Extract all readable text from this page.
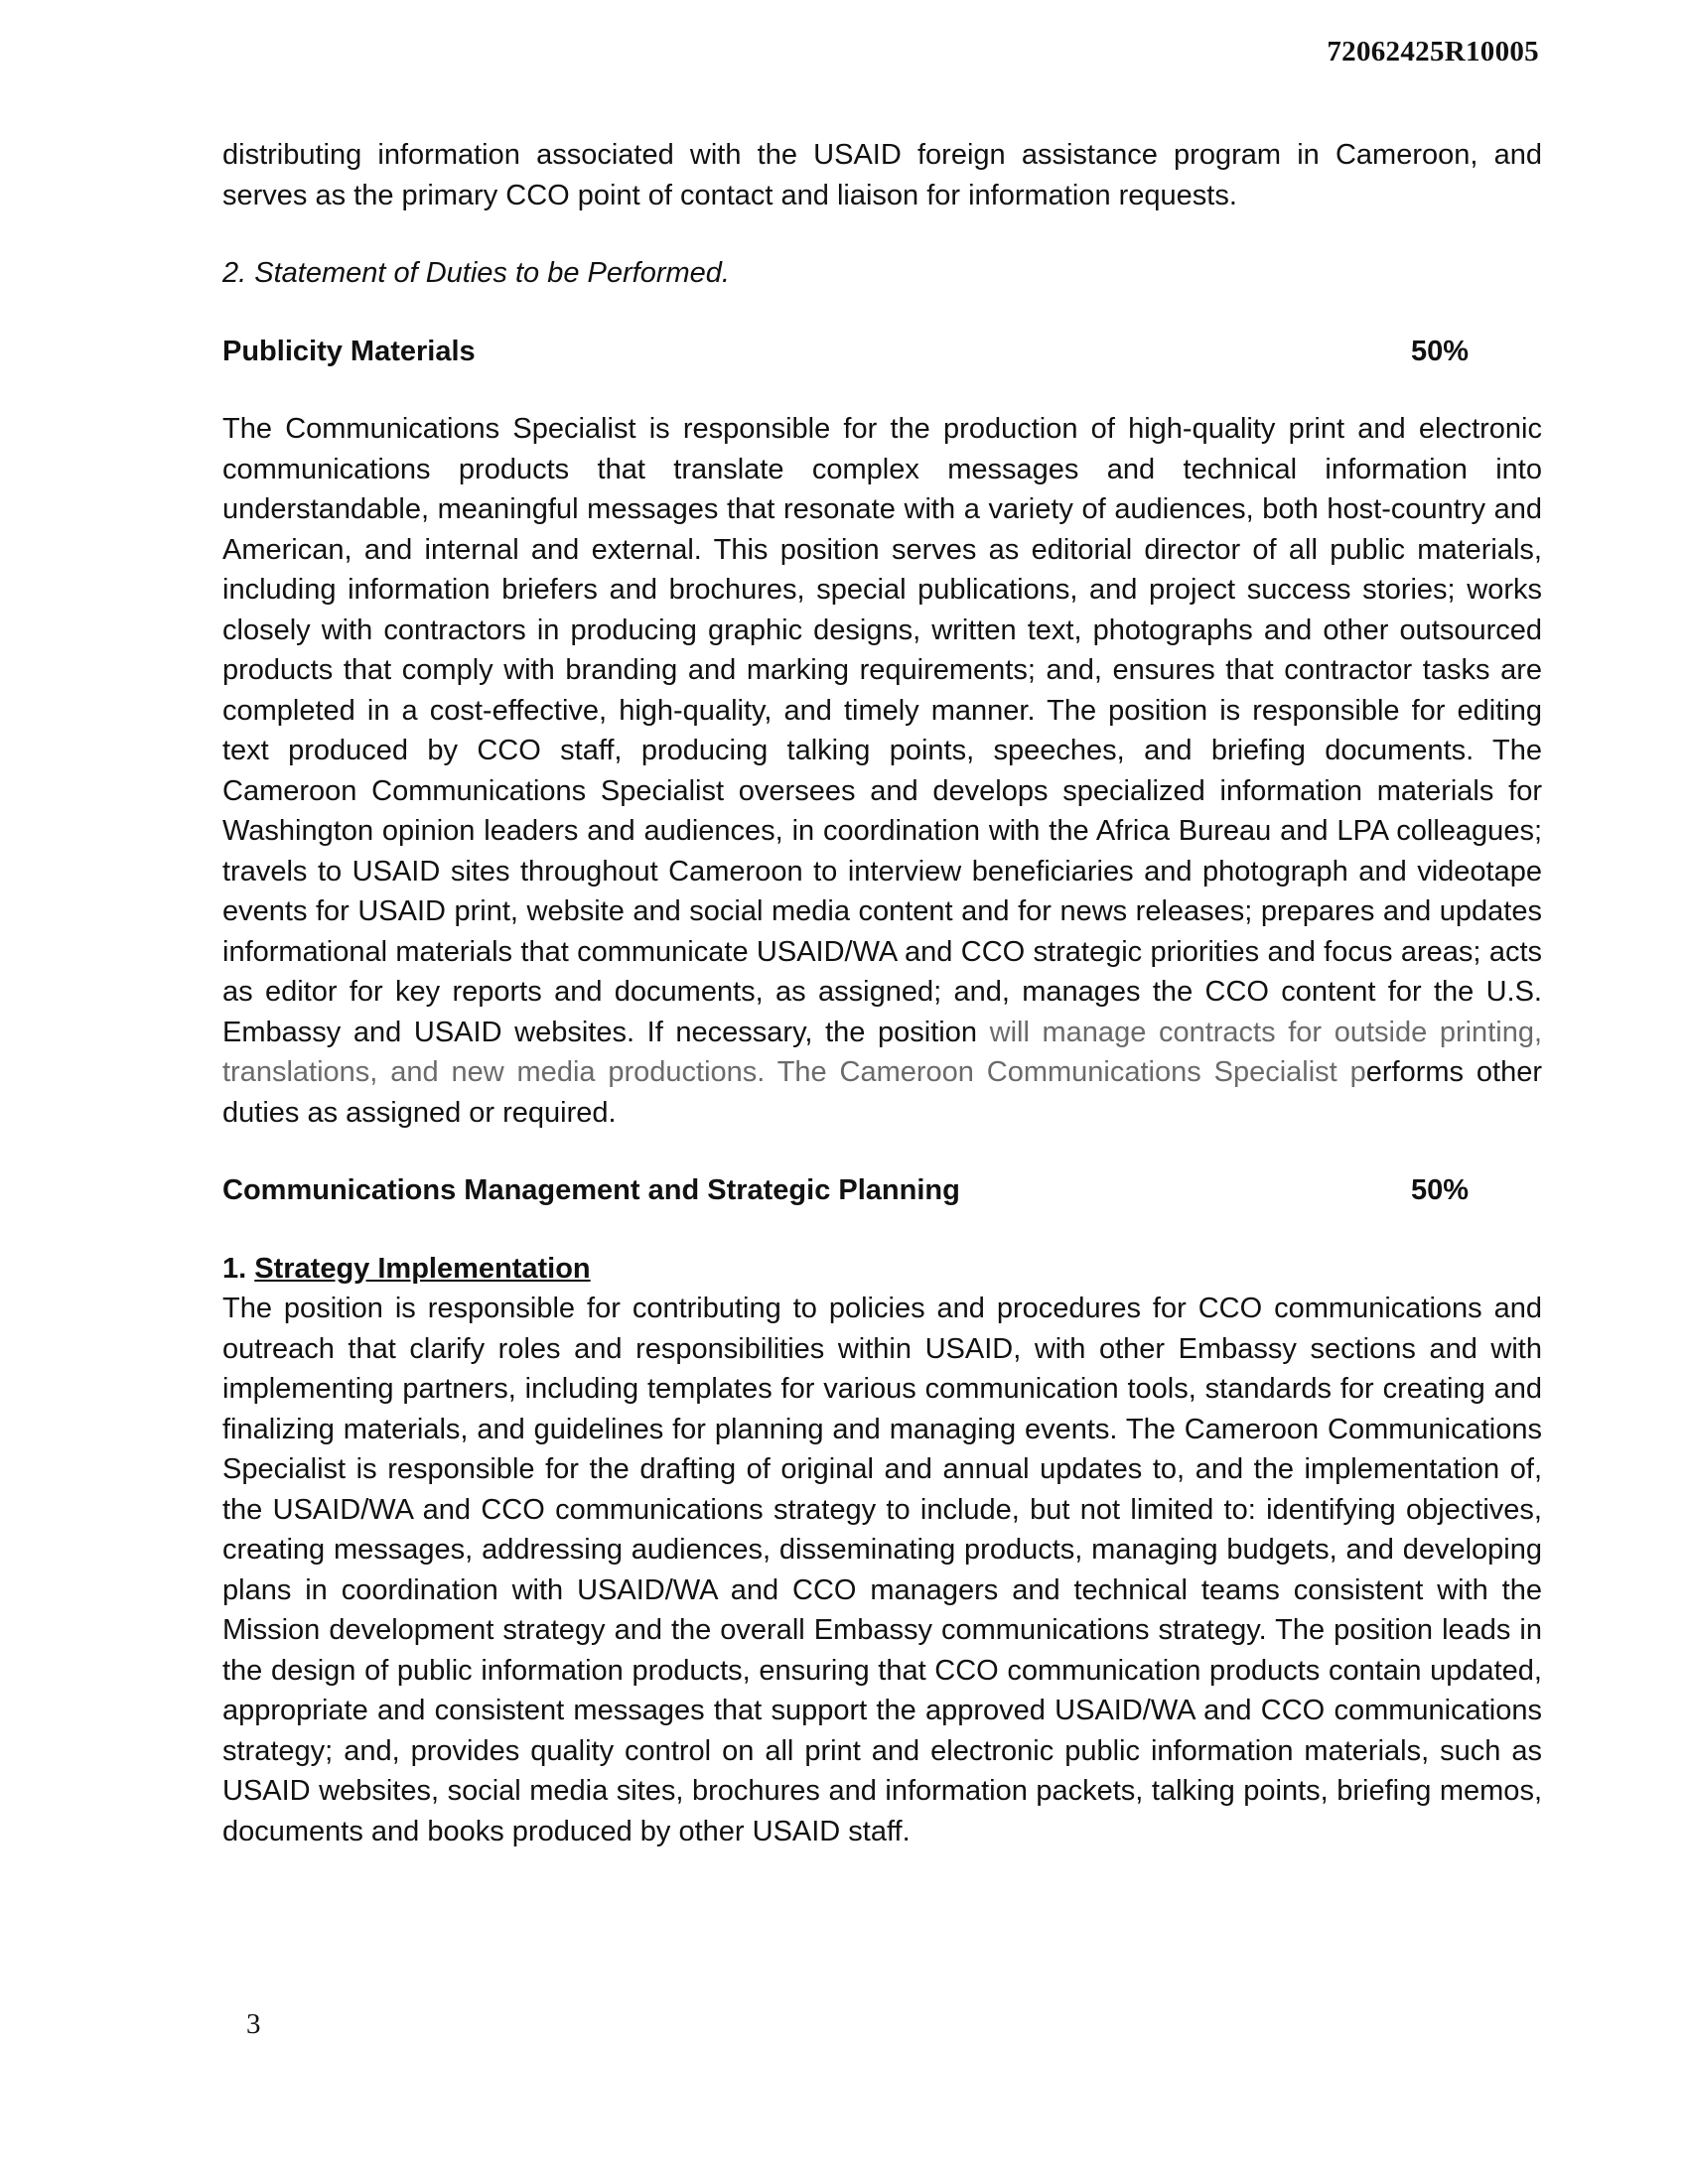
72062425R10005

distributing information associated with the USAID foreign assistance program in Cameroon, and serves as the primary CCO point of contact and liaison for information requests.

2. Statement of Duties to be Performed.

Publicity Materials	50%

The Communications Specialist is responsible for the production of high-quality print and electronic communications products that translate complex messages and technical information into understandable, meaningful messages that resonate with a variety of audiences, both host-country and American, and internal and external. This position serves as editorial director of all public materials, including information briefers and brochures, special publications, and project success stories; works closely with contractors in producing graphic designs, written text, photographs and other outsourced products that comply with branding and marking requirements; and, ensures that contractor tasks are completed in a cost-effective, high-quality, and timely manner. The position is responsible for editing text produced by CCO staff, producing talking points, speeches, and briefing documents. The Cameroon Communications Specialist oversees and develops specialized information materials for Washington opinion leaders and audiences, in coordination with the Africa Bureau and LPA colleagues; travels to USAID sites throughout Cameroon to interview beneficiaries and photograph and videotape events for USAID print, website and social media content and for news releases; prepares and updates informational materials that communicate USAID/WA and CCO strategic priorities and focus areas; acts as editor for key reports and documents, as assigned; and, manages the CCO content for the U.S. Embassy and USAID websites. If necessary, the position will manage contracts for outside printing, translations, and new media productions. The Cameroon Communications Specialist performs other duties as assigned or required.

Communications Management and Strategic Planning	50%

1. Strategy Implementation

The position is responsible for contributing to policies and procedures for CCO communications and outreach that clarify roles and responsibilities within USAID, with other Embassy sections and with implementing partners, including templates for various communication tools, standards for creating and finalizing materials, and guidelines for planning and managing events. The Cameroon Communications Specialist is responsible for the drafting of original and annual updates to, and the implementation of, the USAID/WA and CCO communications strategy to include, but not limited to: identifying objectives, creating messages, addressing audiences, disseminating products, managing budgets, and developing plans in coordination with USAID/WA and CCO managers and technical teams consistent with the Mission development strategy and the overall Embassy communications strategy. The position leads in the design of public information products, ensuring that CCO communication products contain updated, appropriate and consistent messages that support the approved USAID/WA and CCO communications strategy; and, provides quality control on all print and electronic public information materials, such as USAID websites, social media sites, brochures and information packets, talking points, briefing memos, documents and books produced by other USAID staff.

3
